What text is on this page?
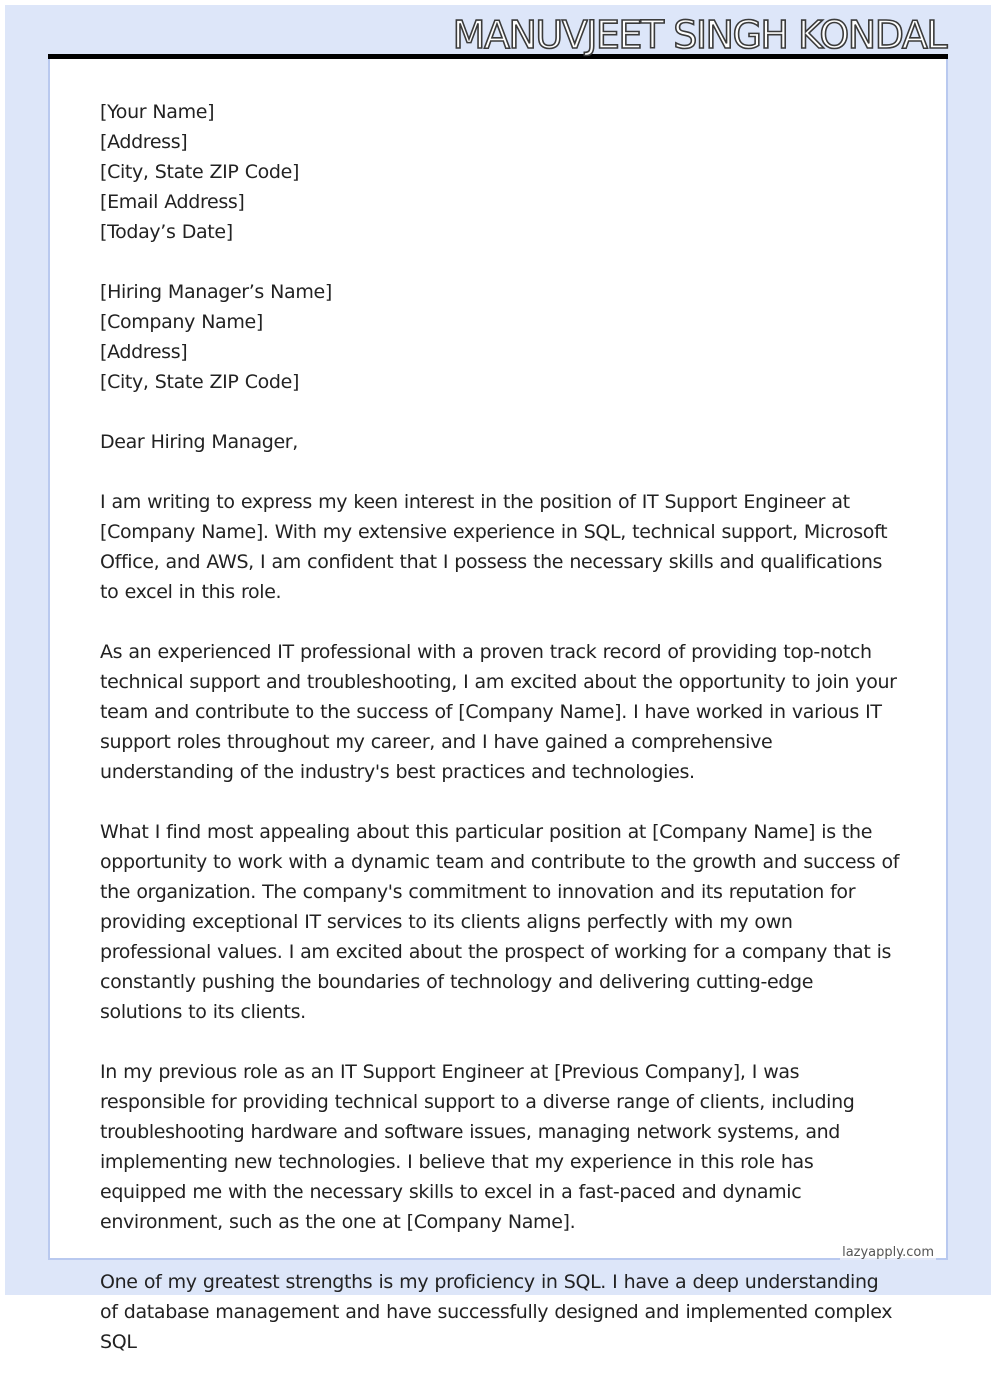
MANUVJEET SINGH KONDAL

[Your Name]
[Address]
[City, State ZIP Code]
[Email Address]
[Today’s Date]

[Hiring Manager’s Name]
[Company Name]
[Address]
[City, State ZIP Code]

Dear Hiring Manager,

I am writing to express my keen interest in the position of IT Support Engineer at [Company Name]. With my extensive experience in SQL, technical support, Microsoft Office, and AWS, I am confident that I possess the necessary skills and qualifications to excel in this role.

As an experienced IT professional with a proven track record of providing top-notch technical support and troubleshooting, I am excited about the opportunity to join your team and contribute to the success of [Company Name]. I have worked in various IT support roles throughout my career, and I have gained a comprehensive understanding of the industry's best practices and technologies.

What I find most appealing about this particular position at [Company Name] is the opportunity to work with a dynamic team and contribute to the growth and success of the organization. The company's commitment to innovation and its reputation for providing exceptional IT services to its clients aligns perfectly with my own professional values. I am excited about the prospect of working for a company that is constantly pushing the boundaries of technology and delivering cutting-edge solutions to its clients.

In my previous role as an IT Support Engineer at [Previous Company], I was responsible for providing technical support to a diverse range of clients, including troubleshooting hardware and software issues, managing network systems, and implementing new technologies. I believe that my experience in this role has equipped me with the necessary skills to excel in a fast-paced and dynamic environment, such as the one at [Company Name].

One of my greatest strengths is my proficiency in SQL. I have a deep understanding of database management and have successfully designed and implemented complex SQL

lazyapply.com
